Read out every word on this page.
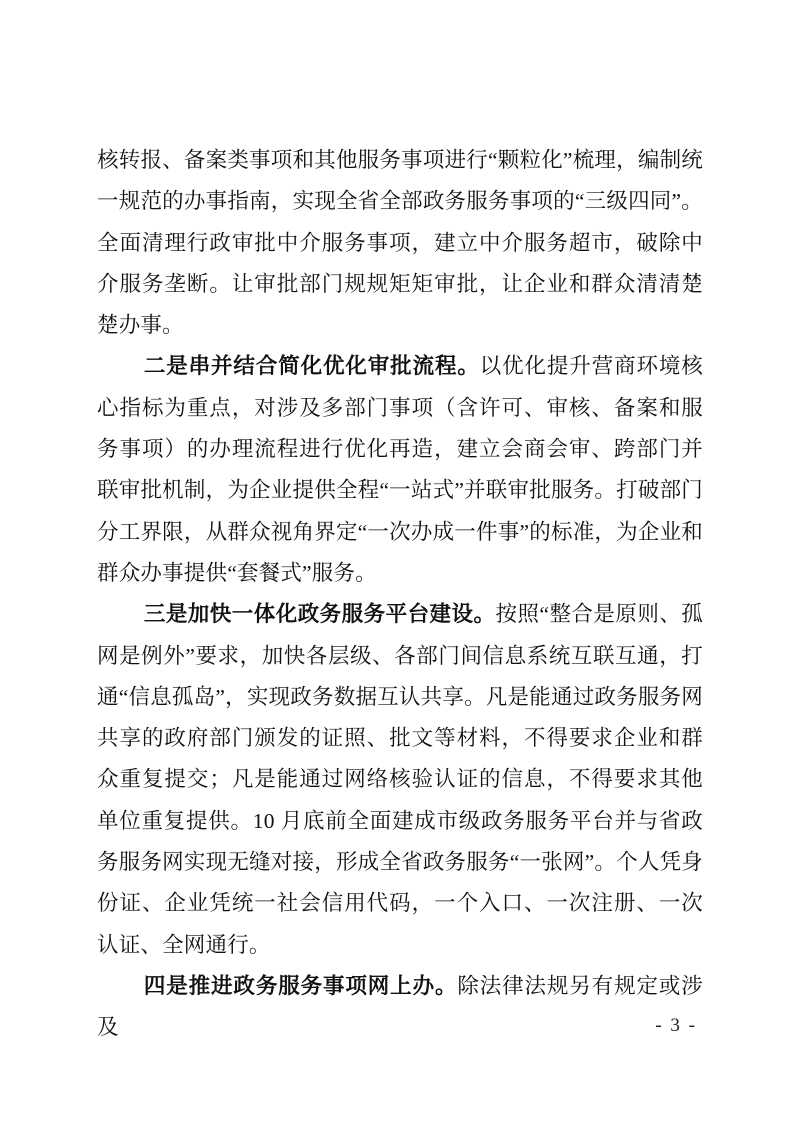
核转报、备案类事项和其他服务事项进行“颗粒化”梳理，编制统一规范的办事指南，实现全省全部政务服务事项的“三级四同”。全面清理行政审批中介服务事项，建立中介服务超市，破除中介服务垄断。让审批部门规规矩矩审批，让企业和群众清清楚楚办事。

二是串并结合简化优化审批流程。以优化提升营商环境核心指标为重点，对涉及多部门事项（含许可、审核、备案和服务事项）的办理流程进行优化再造，建立会商会审、跨部门并联审批机制，为企业提供全程“一站式”并联审批服务。打破部门分工界限，从群众视角界定“一次办成一件事”的标准，为企业和群众办事提供“套餐式”服务。

三是加快一体化政务服务平台建设。按照“整合是原则、孤网是例外”要求，加快各层级、各部门间信息系统互联互通，打通“信息孤岛”，实现政务数据互认共享。凡是能通过政务服务网共享的政府部门颁发的证照、批文等材料，不得要求企业和群众重复提交；凡是能通过网络核验认证的信息，不得要求其他单位重复提供。10 月底前全面建成市级政务服务平台并与省政务服务网实现无缝对接，形成全省政务服务“一张网”。个人凭身份证、企业凭统一社会信用代码，一个入口、一次注册、一次认证、全网通行。

四是推进政务服务事项网上办。除法律法规另有规定或涉及	- 3 -
